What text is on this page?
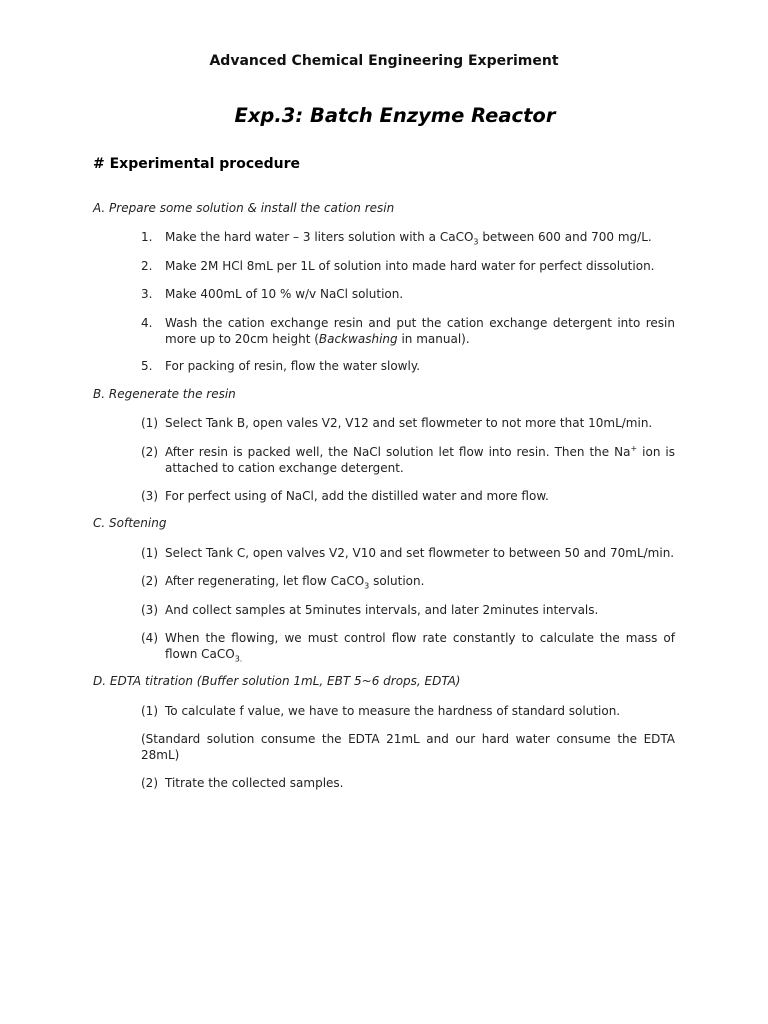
Advanced Chemical Engineering Experiment
Exp.3: Batch Enzyme Reactor
# Experimental procedure
A. Prepare some solution & install the cation resin
1.	Make the hard water – 3 liters solution with a CaCO$_3$ between 600 and 700 mg/L.
2.	Make 2M HCl 8mL per 1L of solution into made hard water for perfect dissolution.
3.	Make 400mL of 10 % w/v NaCl solution.
4.	Wash the cation exchange resin and put the cation exchange detergent into resin more up to 20cm height (Backwashing in manual).
5.	For packing of resin, flow the water slowly.
B. Regenerate the resin
(1) Select Tank B, open vales V2, V12 and set flowmeter to not more that 10mL/min.
(2) After resin is packed well, the NaCl solution let flow into resin. Then the Na+ ion is attached to cation exchange detergent.
(3) For perfect using of NaCl, add the distilled water and more flow.
C. Softening
(1) Select Tank C, open valves V2, V10 and set flowmeter to between 50 and 70mL/min.
(2) After regenerating, let flow CaCO$_3$ solution.
(3) And collect samples at 5minutes intervals, and later 2minutes intervals.
(4) When the flowing, we must control flow rate constantly to calculate the mass of flown CaCO$_{3.}$
D. EDTA titration (Buffer solution 1mL, EBT 5~6 drops, EDTA)
(1) To calculate f value, we have to measure the hardness of standard solution.
(Standard solution consume the EDTA 21mL and our hard water consume the EDTA 28mL)
(2) Titrate the collected samples.
